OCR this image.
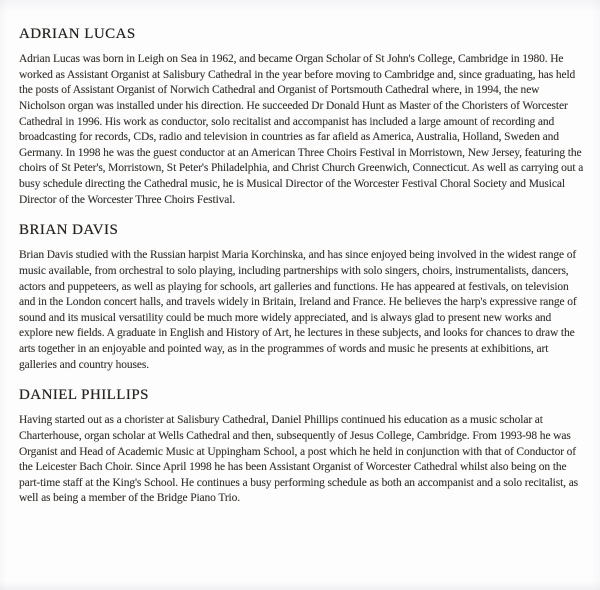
ADRIAN LUCAS

Adrian Lucas was born in Leigh on Sea in 1962, and became Organ Scholar of St John's College, Cambridge in 1980. He worked as Assistant Organist at Salisbury Cathedral in the year before moving to Cambridge and, since graduating, has held the posts of Assistant Organist of Norwich Cathedral and Organist of Portsmouth Cathedral where, in 1994, the new Nicholson organ was installed under his direction. He succeeded Dr Donald Hunt as Master of the Choristers of Worcester Cathedral in 1996. His work as conductor, solo recitalist and accompanist has included a large amount of recording and broadcasting for records, CDs, radio and television in countries as far afield as America, Australia, Holland, Sweden and Germany. In 1998 he was the guest conductor at an American Three Choirs Festival in Morristown, New Jersey, featuring the choirs of St Peter's, Morristown, St Peter's Philadelphia, and Christ Church Greenwich, Connecticut. As well as carrying out a busy schedule directing the Cathedral music, he is Musical Director of the Worcester Festival Choral Society and Musical Director of the Worcester Three Choirs Festival.

BRIAN DAVIS

Brian Davis studied with the Russian harpist Maria Korchinska, and has since enjoyed being involved in the widest range of music available, from orchestral to solo playing, including partnerships with solo singers, choirs, instrumentalists, dancers, actors and puppeteers, as well as playing for schools, art galleries and functions. He has appeared at festivals, on television and in the London concert halls, and travels widely in Britain, Ireland and France. He believes the harp's expressive range of sound and its musical versatility could be much more widely appreciated, and is always glad to present new works and explore new fields. A graduate in English and History of Art, he lectures in these subjects, and looks for chances to draw the arts together in an enjoyable and pointed way, as in the programmes of words and music he presents at exhibitions, art galleries and country houses.

DANIEL PHILLIPS

Having started out as a chorister at Salisbury Cathedral, Daniel Phillips continued his education as a music scholar at Charterhouse, organ scholar at Wells Cathedral and then, subsequently of Jesus College, Cambridge. From 1993-98 he was Organist and Head of Academic Music at Uppingham School, a post which he held in conjunction with that of Conductor of the Leicester Bach Choir. Since April 1998 he has been Assistant Organist of Worcester Cathedral whilst also being on the part-time staff at the King's School. He continues a busy performing schedule as both an accompanist and a solo recitalist, as well as being a member of the Bridge Piano Trio.
